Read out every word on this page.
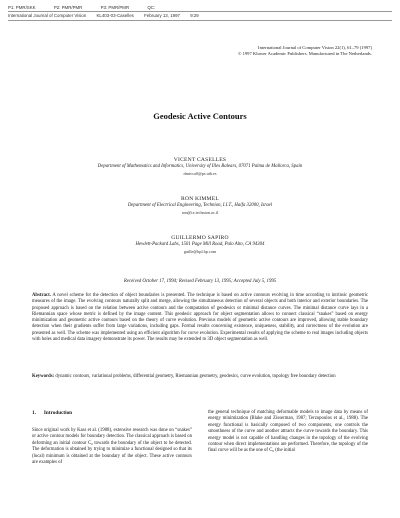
P1: PMR/SKK	P2: PMR/PMR	P3: PMR/PMR	QC:
International Journal of Computer Vision KL403-03-Caselles February 13, 1997 9:29
International Journal of Computer Vision 22(1), 61–79 (1997)
© 1997 Kluwer Academic Publishers. Manufactured in The Netherlands.
Geodesic Active Contours
VICENT CASELLES
Department of Mathematics and Informatics, University of Illes Balears, 07071 Palma de Mallorca, Spain
dmivca0@ps.uib.es
RON KIMMEL
Department of Electrical Engineering, Technion, I.I.T., Haifa 32000, Israel
ron@tx.technion.ac.il
GUILLERMO SAPIRO
Hewlett-Packard Labs, 1501 Page Mill Road, Palo Alto, CA 94304
guille@hpl.hp.com
Received October 17, 1994; Revised February 13, 1995; Accepted July 5, 1995
Abstract. A novel scheme for the detection of object boundaries is presented. The technique is based on active contours evolving in time according to intrinsic geometric measures of the image. The evolving contours naturally split and merge, allowing the simultaneous detection of several objects and both interior and exterior boundaries. The proposed approach is based on the relation between active contours and the computation of geodesics or minimal distance curves. The minimal distance curve lays in a Riemannian space whose metric is defined by the image content. This geodesic approach for object segmentation allows to connect classical “snakes” based on energy minimization and geometric active contours based on the theory of curve evolution. Previous models of geometric active contours are improved, allowing stable boundary detection when their gradients suffer from large variations, including gaps. Formal results concerning existence, uniqueness, stability, and correctness of the evolution are presented as well. The scheme was implemented using an efficient algorithm for curve evolution. Experimental results of applying the scheme to real images including objects with holes and medical data imagery demonstrate its power. The results may be extended to 3D object segmentation as well.
Keywords: dynamic contours, variational problems, differential geometry, Riemannian geometry, geodesics, curve evolution, topology free boundary detection
1. Introduction
Since original work by Kass et al. (1988), extensive research was done on “snakes” or active contour models for boundary detection. The classical approach is based on deforming an initial contour C₀ towards the boundary of the object to be detected. The deformation is obtained by trying to minimize a functional designed so that its (local) minimum is obtained at the boundary of the object. These active contours are examples of
the general technique of matching deformable models to image data by means of energy minimization (Blake and Zisserman, 1987; Terzopoulos et al., 1988). The energy functional is basically composed of two components, one controls the smoothness of the curve and another attracts the curve towards the boundary. This energy model is not capable of handling changes in the topology of the evolving contour when direct implementations are performed. Therefore, the topology of the final curve will be as the one of C₀ (the initial
